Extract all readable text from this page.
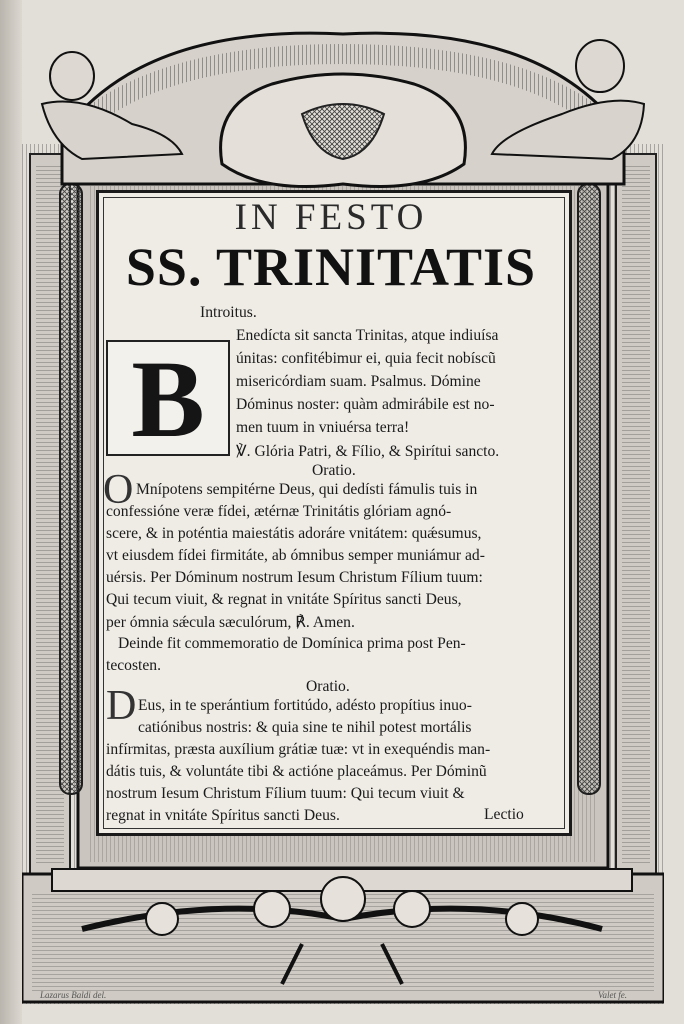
IN FESTO
SS. TRINITATIS
Introitus.
B
Enedícta sit sancta Trinitas, atque indiuísa
únitas: confitébimur ei, quia fecit nobíscũ
misericórdiam suam. Psalmus. Dómine
Dóminus noster: quàm admirábile est no-
men tuum in vniuérsa terra!
℣. Glória Patri, & Fílio, & Spirítui sancto.
Oratio.
O Mnípotens sempitérne Deus, qui dedísti fámulis tuis in
confessióne veræ fídei, ætérnæ Trinitátis glóriam agnó-
scere, & in poténtia maiestátis adoráre vnitátem: quǽsumus,
vt eiusdem fídei firmitáte, ab ómnibus semper muniámur ad-
uérsis. Per Dóminum nostrum Iesum Christum Fílium tuum:
Qui tecum viuit, & regnat in vnitáte Spíritus sancti Deus,
per ómnia sǽcula sæculórum, ℟. Amen.
Deinde fit commemoratio de Domínica prima post Pen-
tecosten.
Oratio.
D Eus, in te sperántium fortitúdo, adésto propítius inuo-
catiónibus nostris: & quia sine te nihil potest mortális
infírmitas, præsta auxílium grátiæ tuæ: vt in exequéndis man-
dátis tuis, & voluntáte tibi & actióne placeámus. Per Dóminũ
nostrum Iesum Christum Fílium tuum: Qui tecum viuit &
regnat in vnitáte Spíritus sancti Deus.	Lectio
Lazarus Baldi del.	Valet fe.
